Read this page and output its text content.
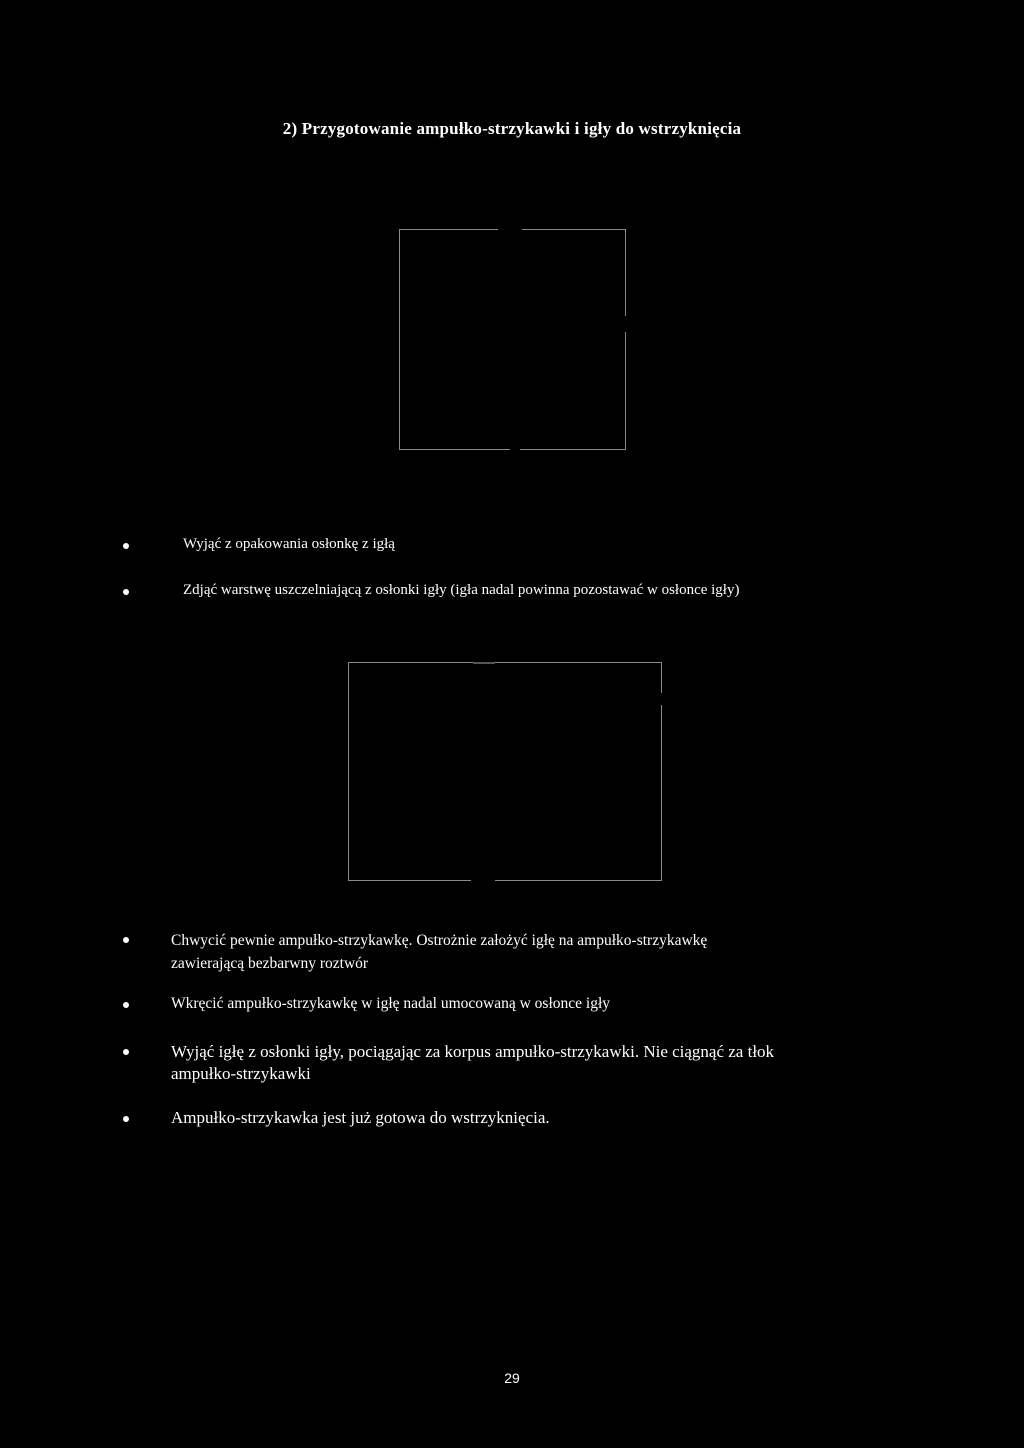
2) Przygotowanie ampułko-strzykawki i igły do wstrzyknięcia
Wyjąć z opakowania osłonkę z igłą
Zdjąć warstwę uszczelniającą z osłonki igły (igła nadal powinna pozostawać w osłonce igły)
Chwycić pewnie ampułko-strzykawkę. Ostrożnie założyć igłę na ampułko-strzykawkę
zawierającą bezbarwny roztwór
Wkręcić ampułko-strzykawkę w igłę nadal umocowaną w osłonce igły
Wyjąć igłę z osłonki igły, pociągając za korpus ampułko-strzykawki. Nie ciągnąć za tłok
ampułko-strzykawki
Ampułko-strzykawka jest już gotowa do wstrzyknięcia.
29
